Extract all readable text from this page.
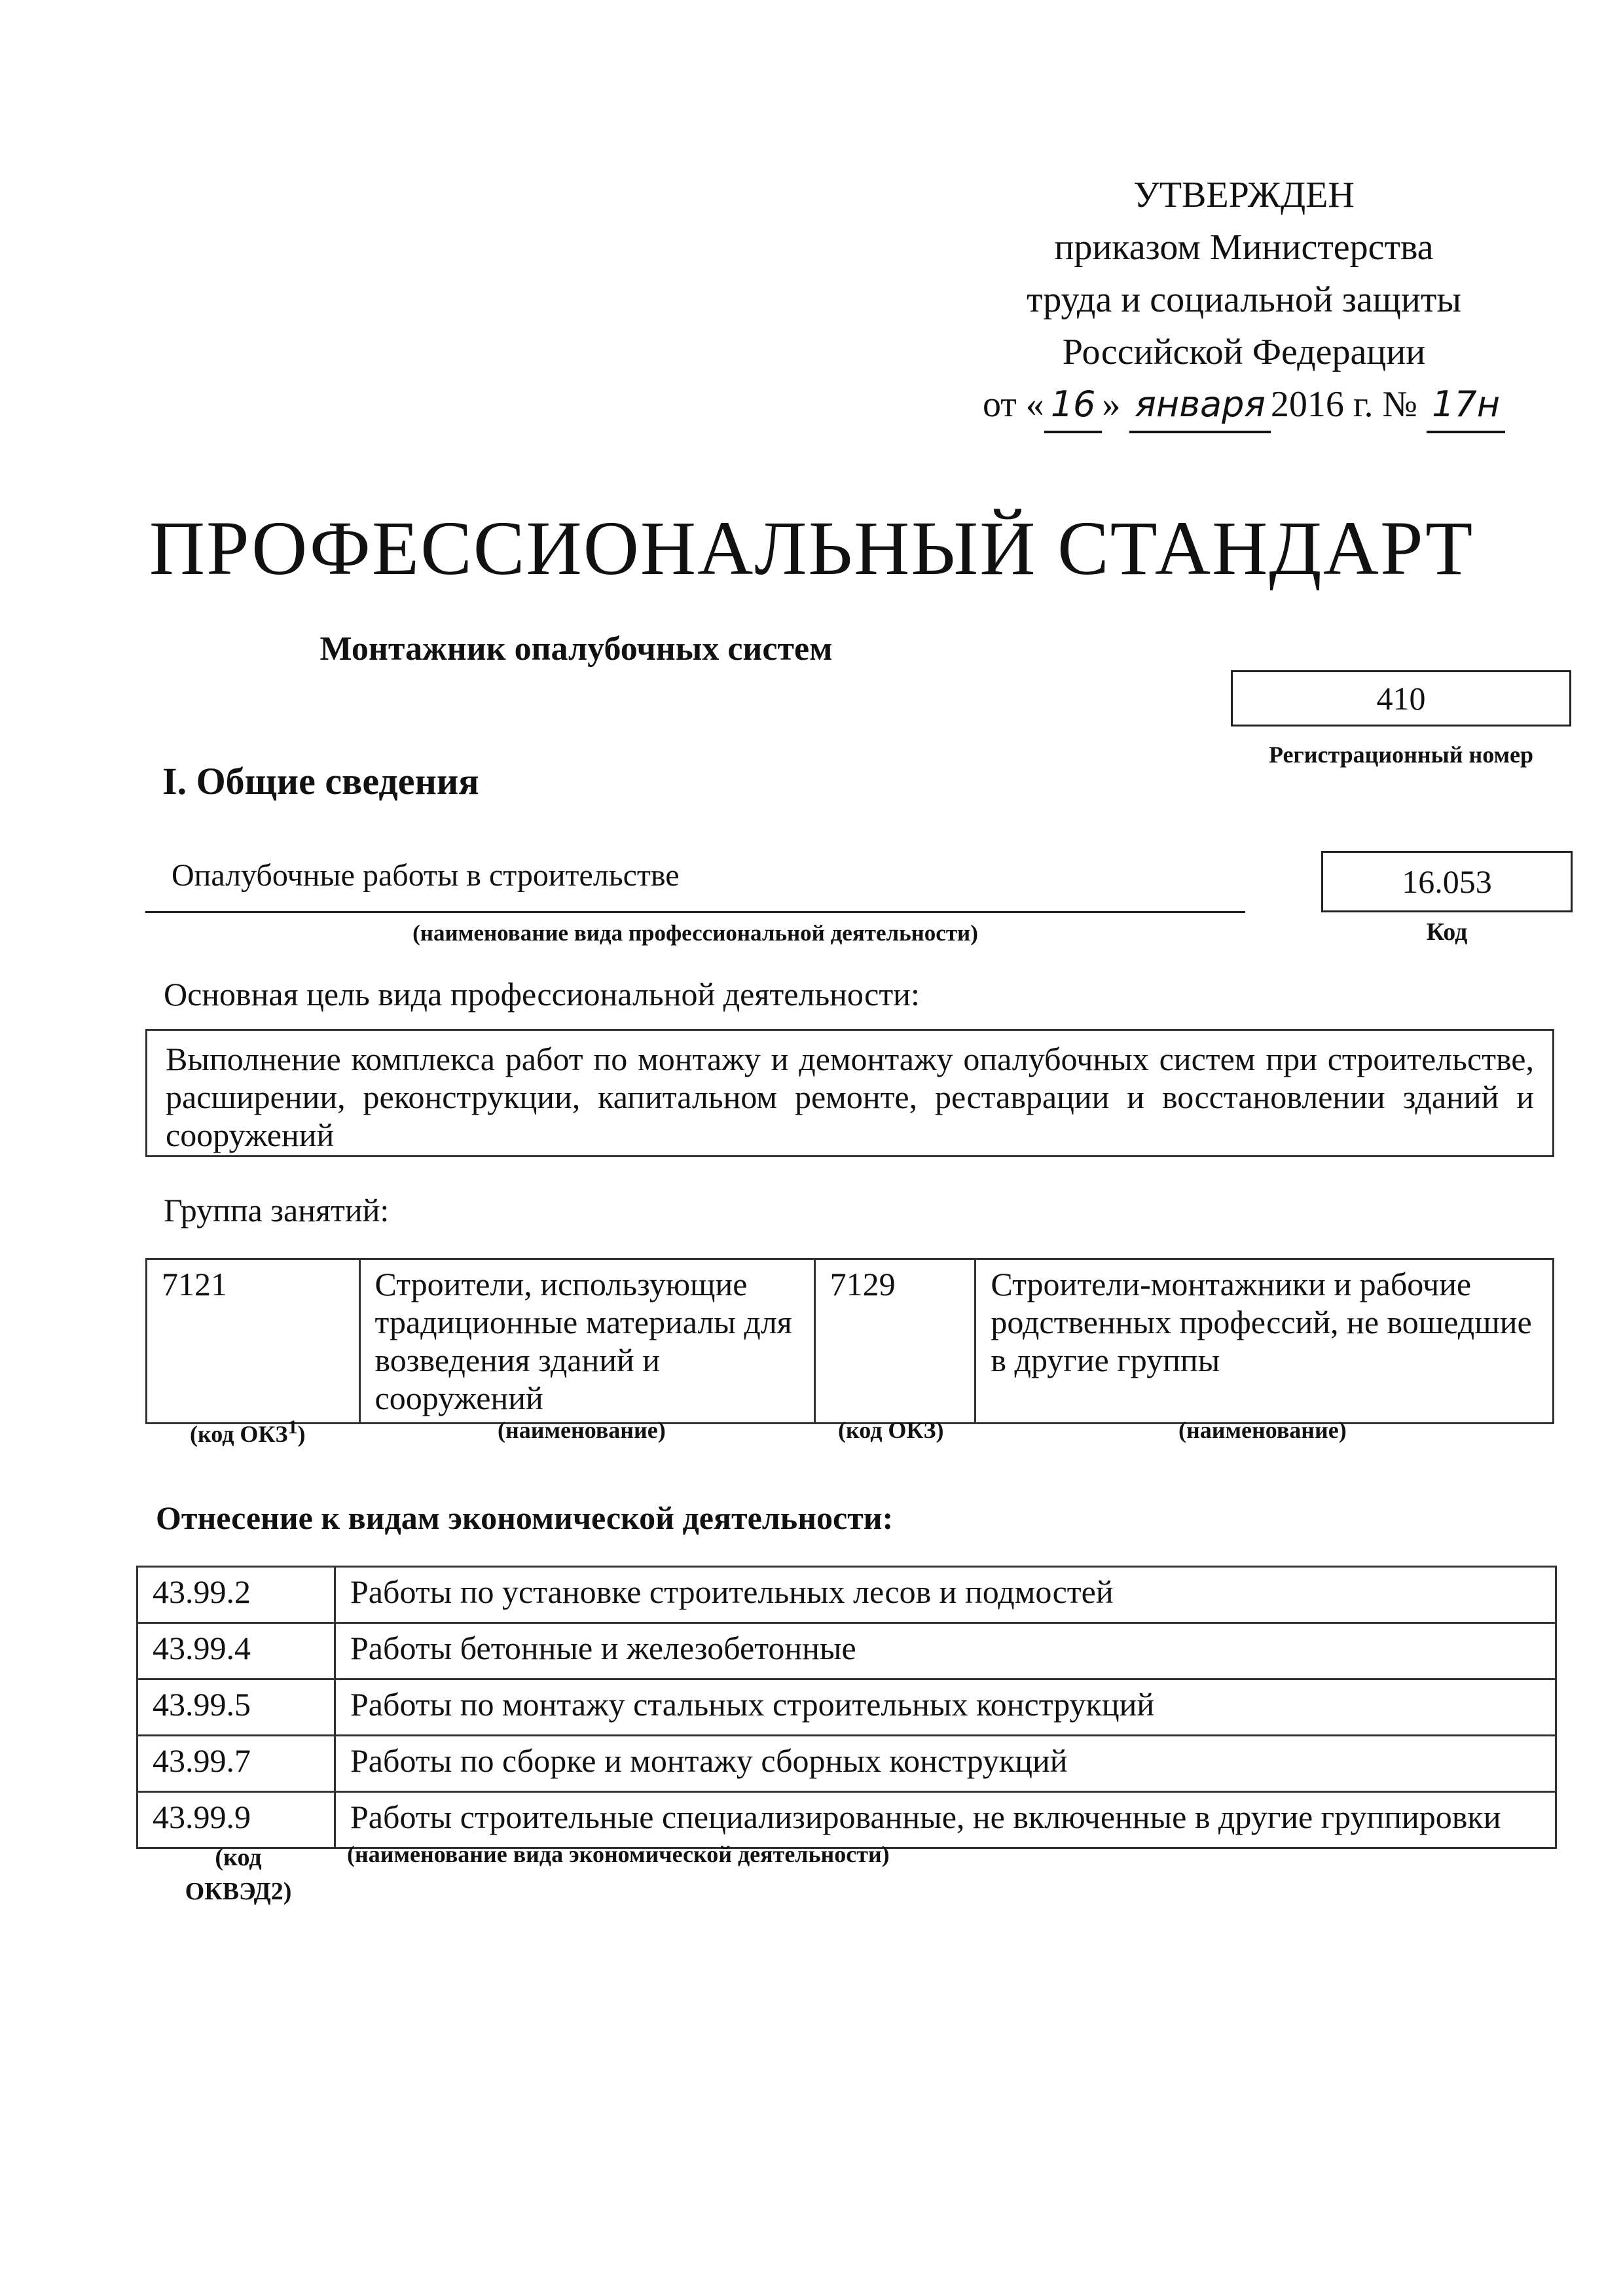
УТВЕРЖДЕН
приказом Министерства
труда и социальной защиты
Российской Федерации
от « 16 » января 2016 г. № 17н
ПРОФЕССИОНАЛЬНЫЙ СТАНДАРТ
Монтажник опалубочных систем
410
Регистрационный номер
I. Общие сведения
Опалубочные работы в строительстве
(наименование вида профессиональной деятельности)
16.053
Код
Основная цель вида профессиональной деятельности:
Выполнение комплекса работ по монтажу и демонтажу опалубочных систем при строительстве, расширении, реконструкции, капитальном ремонте, реставрации и восстановлении зданий и сооружений
Группа занятий:
7121	Строители, использующие традиционные материалы для возведения зданий и сооружений	7129	Строители-монтажники и рабочие родственных профессий, не вошедшие в другие группы
(код ОКЗ$^1$)	(наименование)	(код ОКЗ)	(наименование)
Отнесение к видам экономической деятельности:
43.99.2	Работы по установке строительных лесов и подмостей
43.99.4	Работы бетонные и железобетонные
43.99.5	Работы по монтажу стальных строительных конструкций
43.99.7	Работы по сборке и монтажу сборных конструкций
43.99.9	Работы строительные специализированные, не включенные в другие группировки
(код
ОКВЭД2)
(наименование вида экономической деятельности)
